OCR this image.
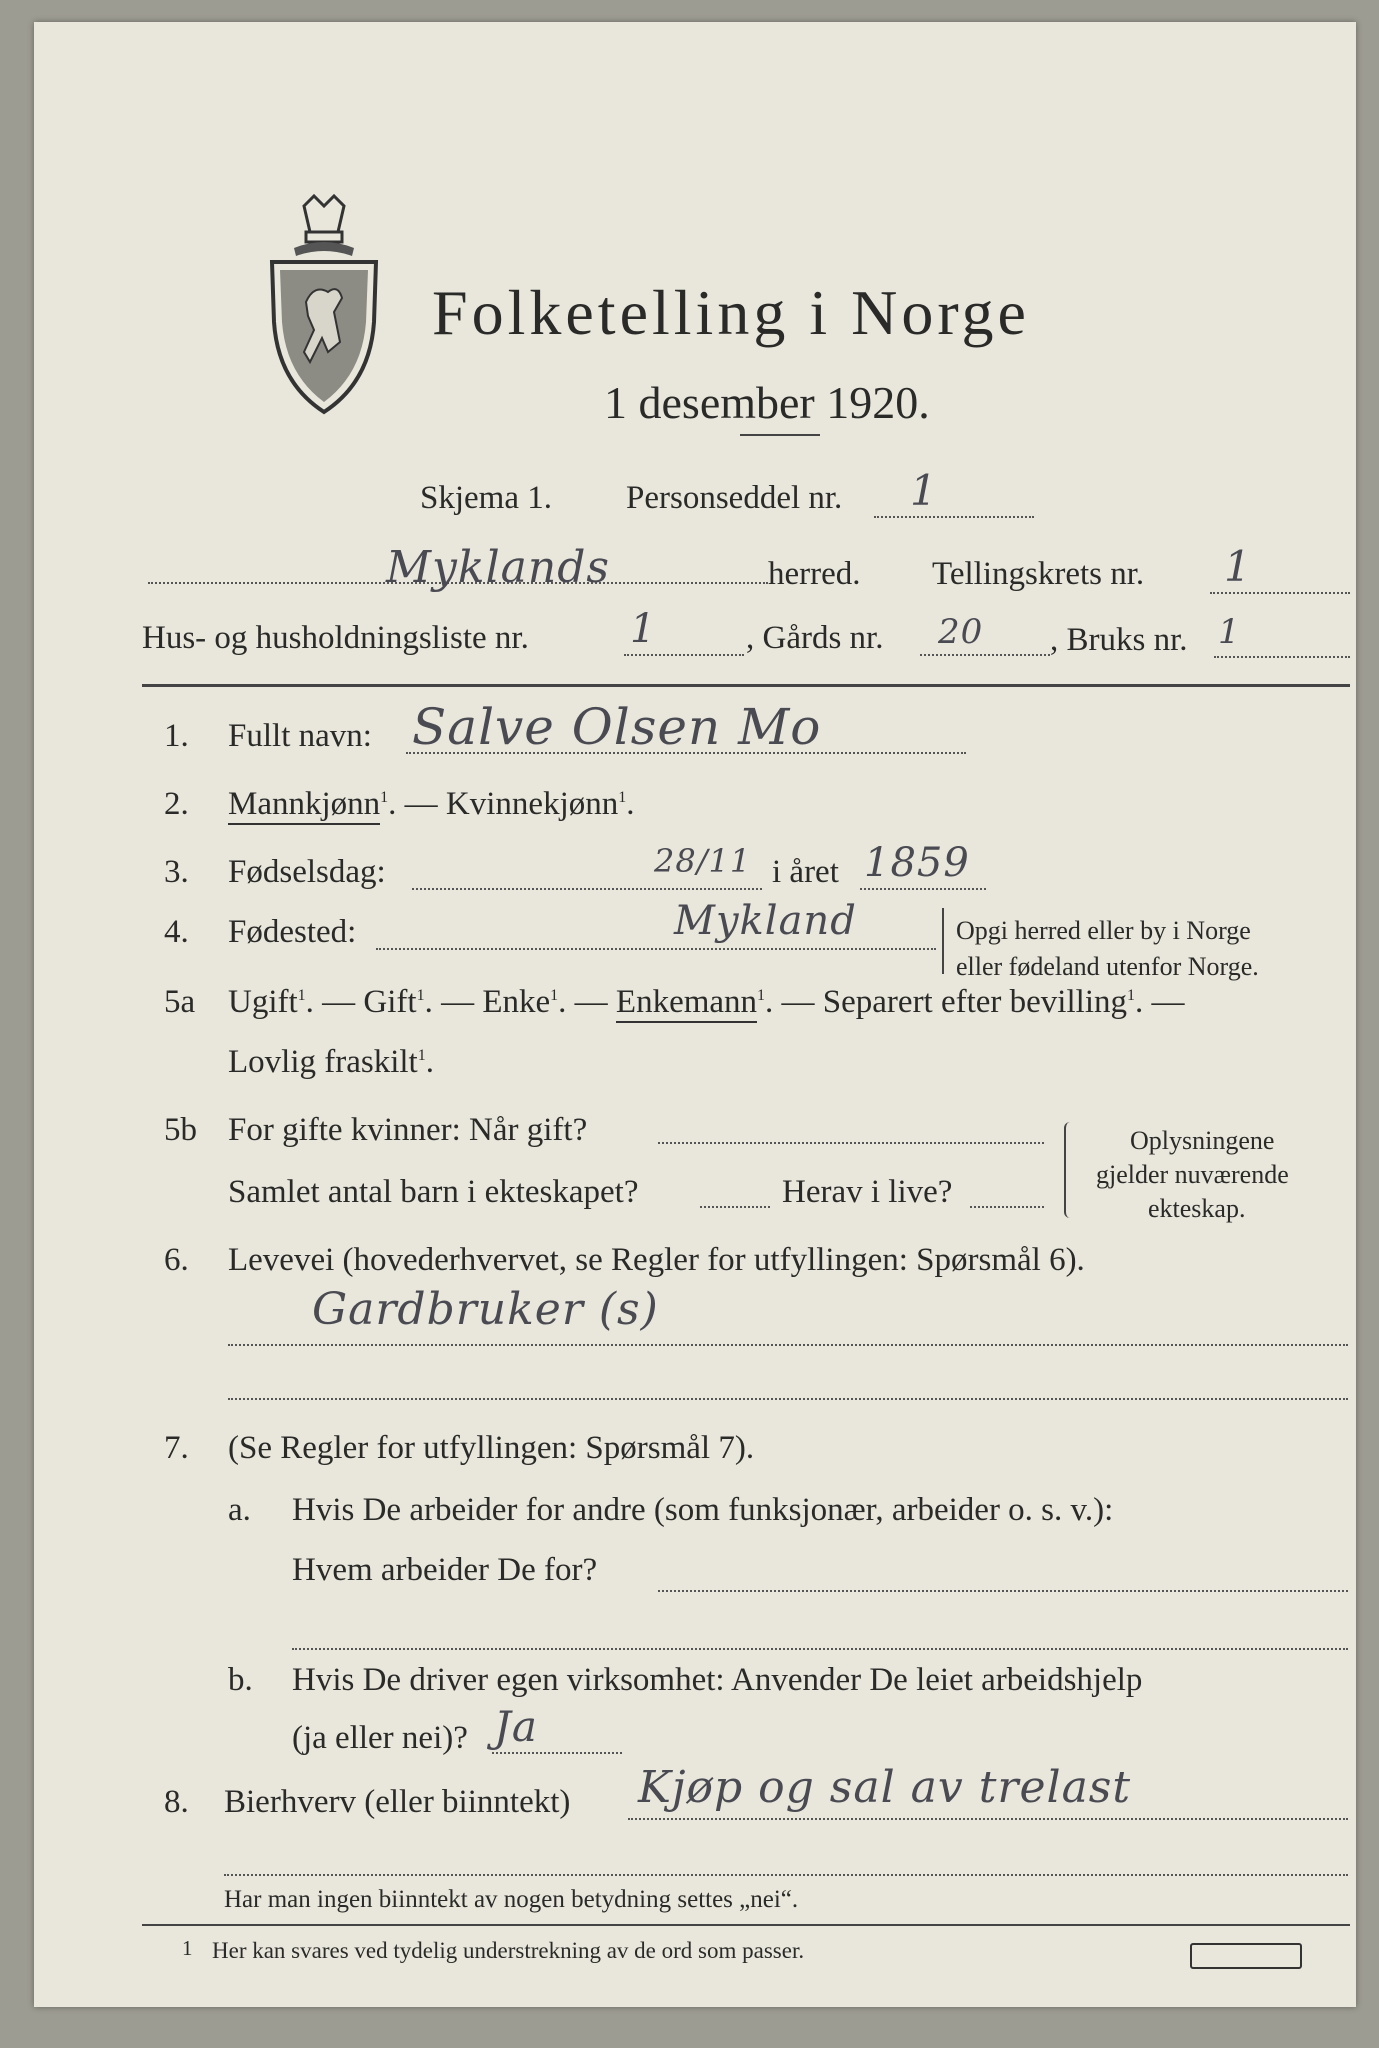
Folketelling i Norge
1 desember 1920.
Skjema 1. Personseddel nr. 1
Myklands	herred. Tellingskrets nr. 1
Hus- og husholdningsliste nr.	1	, Gårds nr. 20 , Bruks nr. 1
1. Fullt navn: Salve Olsen Mo
2. Mannkjønn$^1$. — Kvinnekjønn$^1$.
3. Fødselsdag:	28/11 i året 1859
4. Fødested:	Mykland	Opgi herred eller by i Norge
eller fødeland utenfor Norge.
5a Ugift$^1$. — Gift$^1$. — Enke$^1$. — Enkemann$^1$. — Separert efter bevilling$^1$. —
Lovlig fraskilt$^1$.
5b For gifte kvinner: Når gift?
Samlet antal barn i ekteskapet?	Herav i live?
Oplysningene
gjelder nuværende
ekteskap.
6. Levevei (hovederhvervet, se Regler for utfyllingen: Spørsmål 6).
Gardbruker (s)
7. (Se Regler for utfyllingen: Spørsmål 7).
a. Hvis De arbeider for andre (som funksjonær, arbeider o. s. v.):
Hvem arbeider De for?
b. Hvis De driver egen virksomhet: Anvender De leiet arbeidshjelp
(ja eller nei)? Ja
8. Bierhverv (eller biinntekt) Kjøp og sal av trelast
Har man ingen biinntekt av nogen betydning settes „nei“.
1 Her kan svares ved tydelig understrekning av de ord som passer.
